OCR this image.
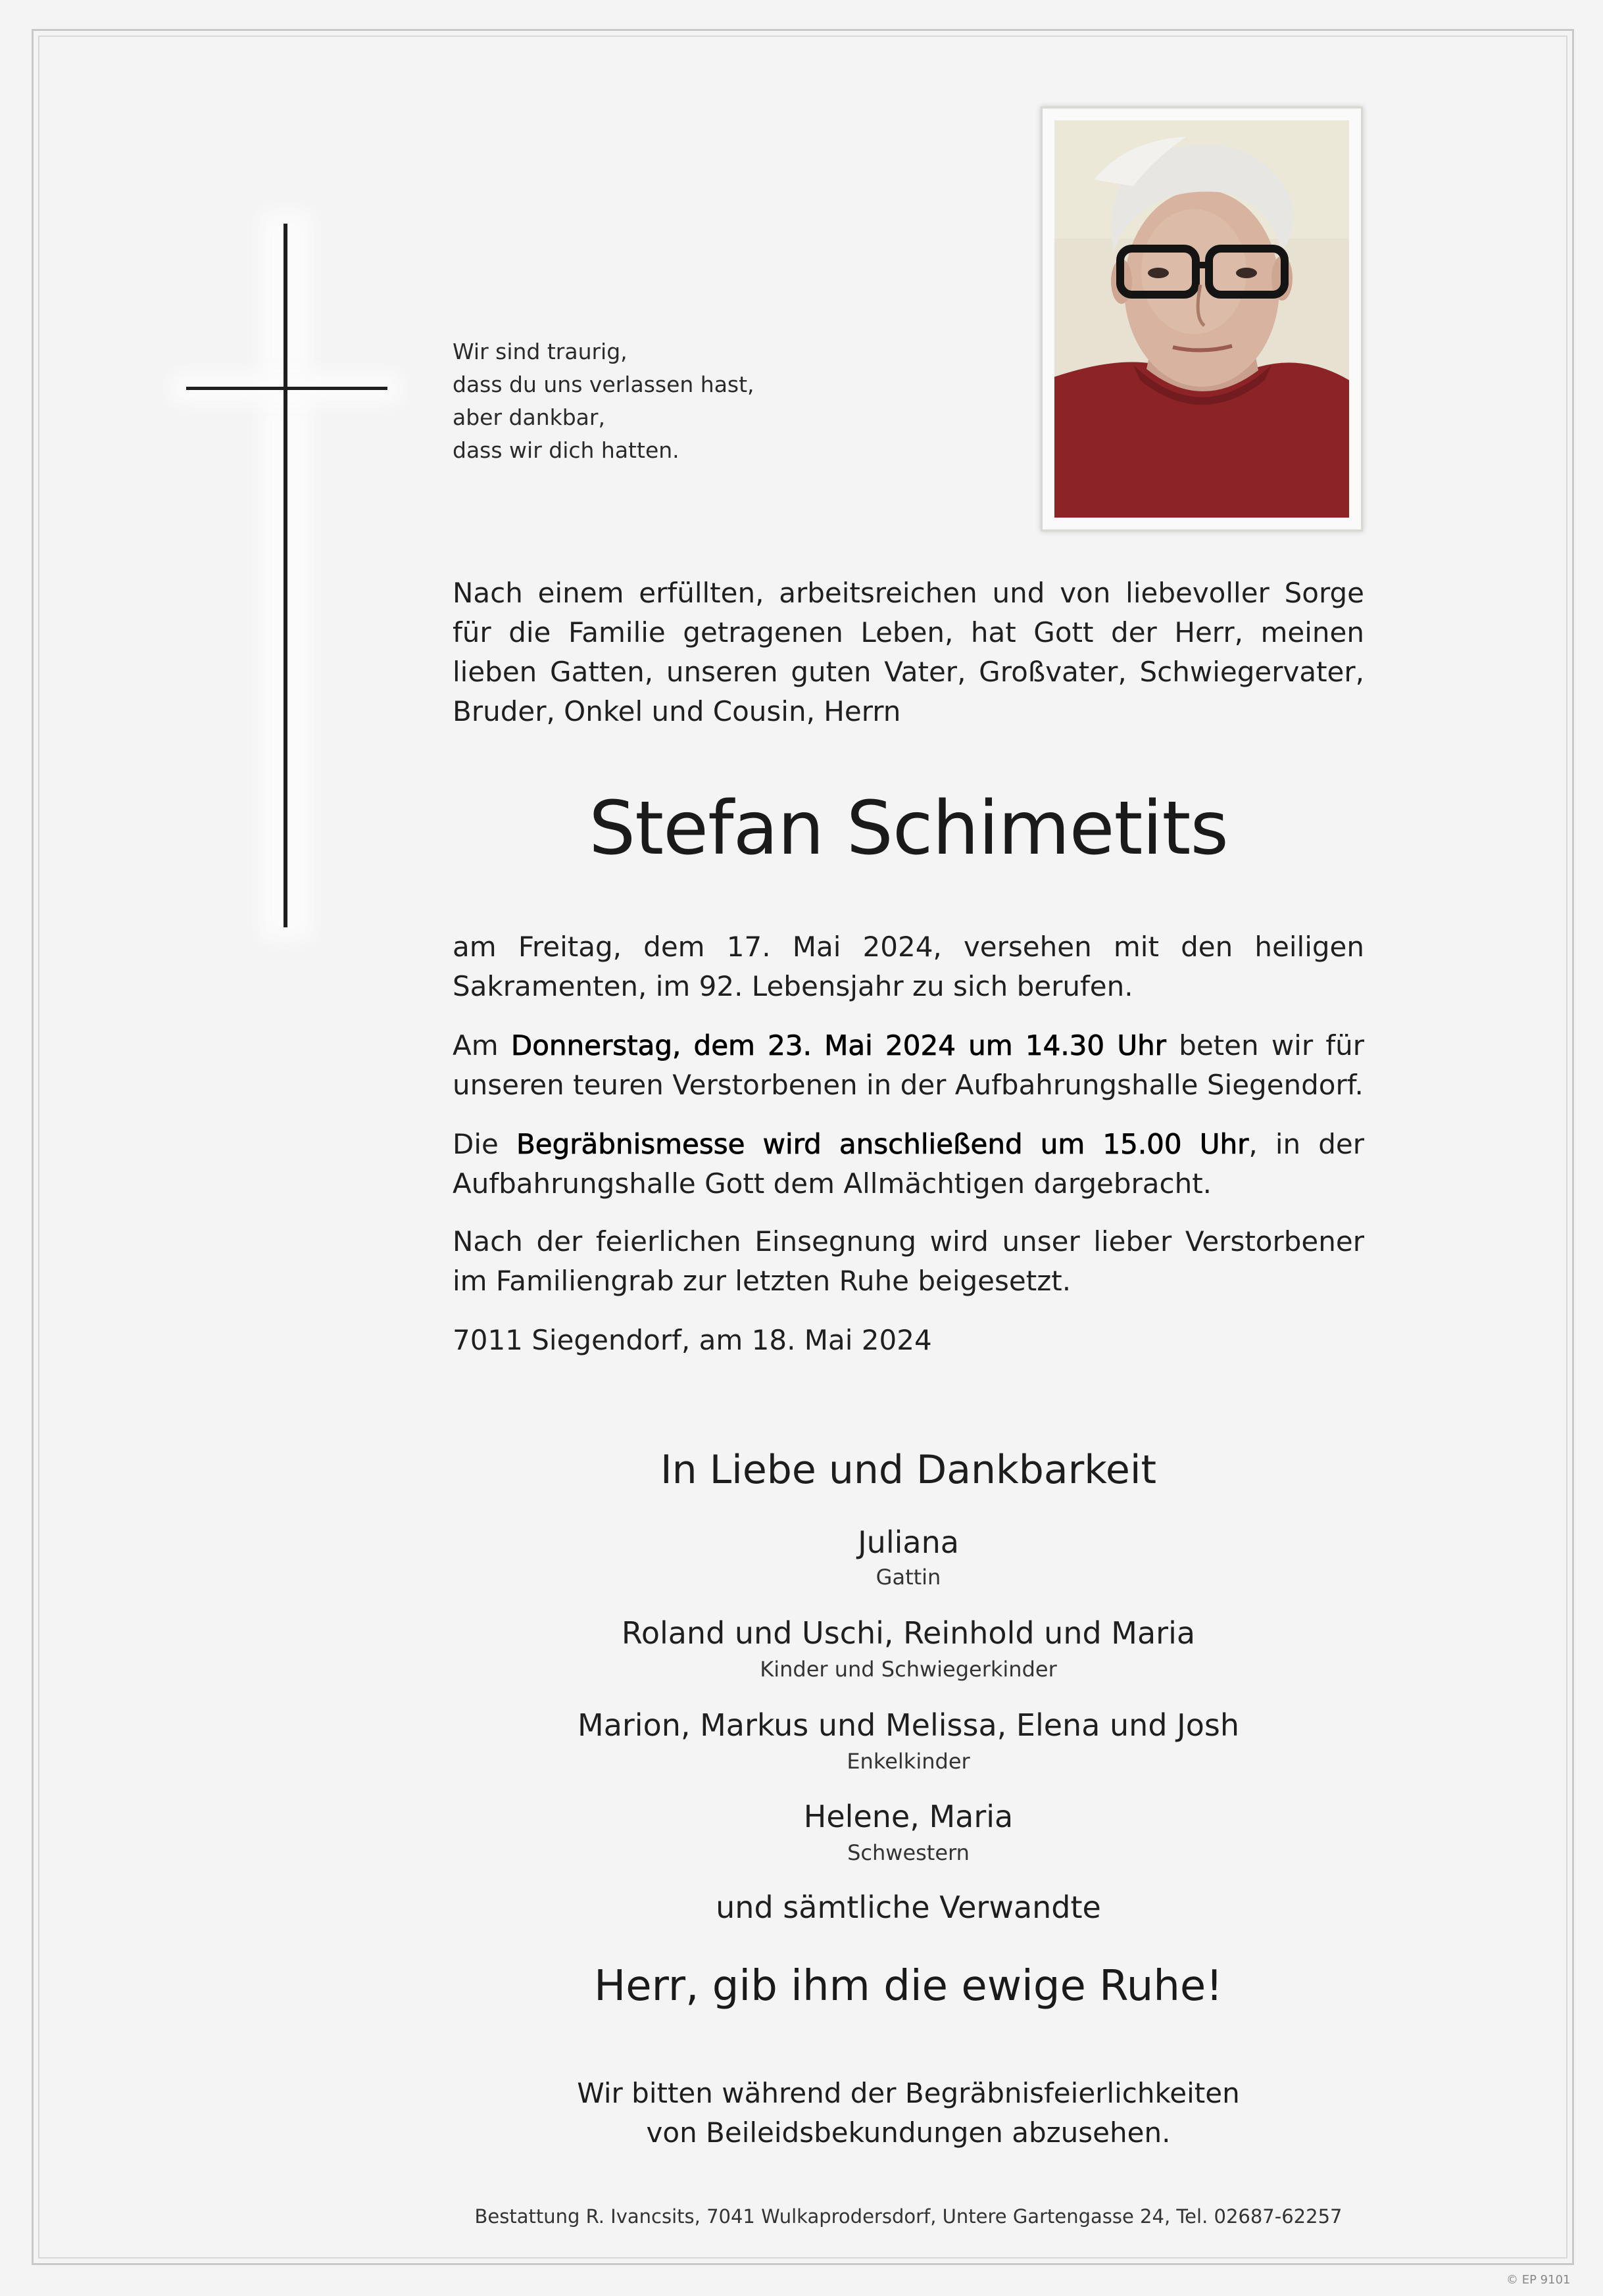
Wir sind traurig,
dass du uns verlassen hast,
aber dankbar,
dass wir dich hatten.
Nach einem erfüllten, arbeitsreichen und von liebevoller Sorge für die Familie getragenen Leben, hat Gott der Herr, meinen lieben Gatten, unseren guten Vater, Großvater, Schwiegervater, Bruder, Onkel und Cousin, Herrn
Stefan Schimetits
am Freitag, dem 17. Mai 2024, versehen mit den heiligen Sakramenten, im 92. Lebensjahr zu sich berufen.
Am Donnerstag, dem 23. Mai 2024 um 14.30 Uhr beten wir für unseren teuren Verstorbenen in der Aufbahrungshalle Siegendorf.
Die Begräbnismesse wird anschließend um 15.00 Uhr, in der Aufbahrungshalle Gott dem Allmächtigen dargebracht.
Nach der feierlichen Einsegnung wird unser lieber Verstorbener im Familiengrab zur letzten Ruhe beigesetzt.
7011 Siegendorf, am 18. Mai 2024
In Liebe und Dankbarkeit
Juliana
Gattin
Roland und Uschi, Reinhold und Maria
Kinder und Schwiegerkinder
Marion, Markus und Melissa, Elena und Josh
Enkelkinder
Helene, Maria
Schwestern
und sämtliche Verwandte
Herr, gib ihm die ewige Ruhe!
Wir bitten während der Begräbnisfeierlichkeiten
von Beileidsbekundungen abzusehen.
Bestattung R. Ivancsits, 7041 Wulkaprodersdorf, Untere Gartengasse 24, Tel. 02687-62257
© EP 9101
